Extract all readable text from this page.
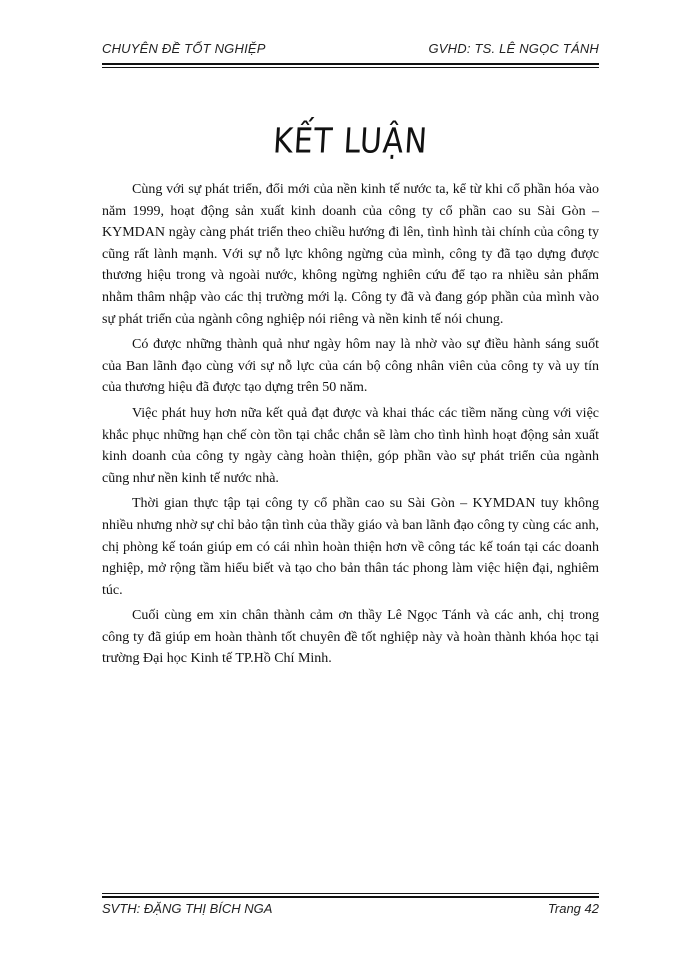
CHUYÊN ĐỀ TỐT NGHIỆP	GVHD: TS. LÊ NGỌC TÁNH
KẾT LUẬN

Cùng với sự phát triển, đổi mới của nền kinh tế nước ta, kể từ khi cổ phần hóa vào năm 1999, hoạt động sản xuất kinh doanh của công ty cổ phần cao su Sài Gòn – KYMDAN ngày càng phát triển theo chiều hướng đi lên, tình hình tài chính của công ty cũng rất lành mạnh. Với sự nỗ lực không ngừng của mình, công ty đã tạo dựng được thương hiệu trong và ngoài nước, không ngừng nghiên cứu để tạo ra nhiều sản phẩm nhằm thâm nhập vào các thị trường mới lạ. Công ty đã và đang góp phần của mình vào sự phát triển của ngành công nghiệp nói riêng và nền kinh tế nói chung.

Có được những thành quả như ngày hôm nay là nhờ vào sự điều hành sáng suốt của Ban lãnh đạo cùng với sự nỗ lực của cán bộ công nhân viên của công ty và uy tín của thương hiệu đã được tạo dựng trên 50 năm.

Việc phát huy hơn nữa kết quả đạt được và khai thác các tiềm năng cùng với việc khắc phục những hạn chế còn tồn tại chắc chắn sẽ làm cho tình hình hoạt động sản xuất kinh doanh của công ty ngày càng hoàn thiện, góp phần vào sự phát triển của ngành cũng như nền kinh tế nước nhà.

Thời gian thực tập tại công ty cổ phần cao su Sài Gòn – KYMDAN tuy không nhiều nhưng nhờ sự chỉ bảo tận tình của thầy giáo và ban lãnh đạo công ty cùng các anh, chị phòng kế toán giúp em có cái nhìn hoàn thiện hơn về công tác kế toán tại các doanh nghiệp, mở rộng tầm hiểu biết và tạo cho bản thân tác phong làm việc hiện đại, nghiêm túc.

Cuối cùng em xin chân thành cảm ơn thầy Lê Ngọc Tánh và các anh, chị trong công ty đã giúp em hoàn thành tốt chuyên đề tốt nghiệp này và hoàn thành khóa học tại trường Đại học Kinh tế TP.Hồ Chí Minh.

SVTH: ĐẶNG THỊ BÍCH NGA	Trang 42
